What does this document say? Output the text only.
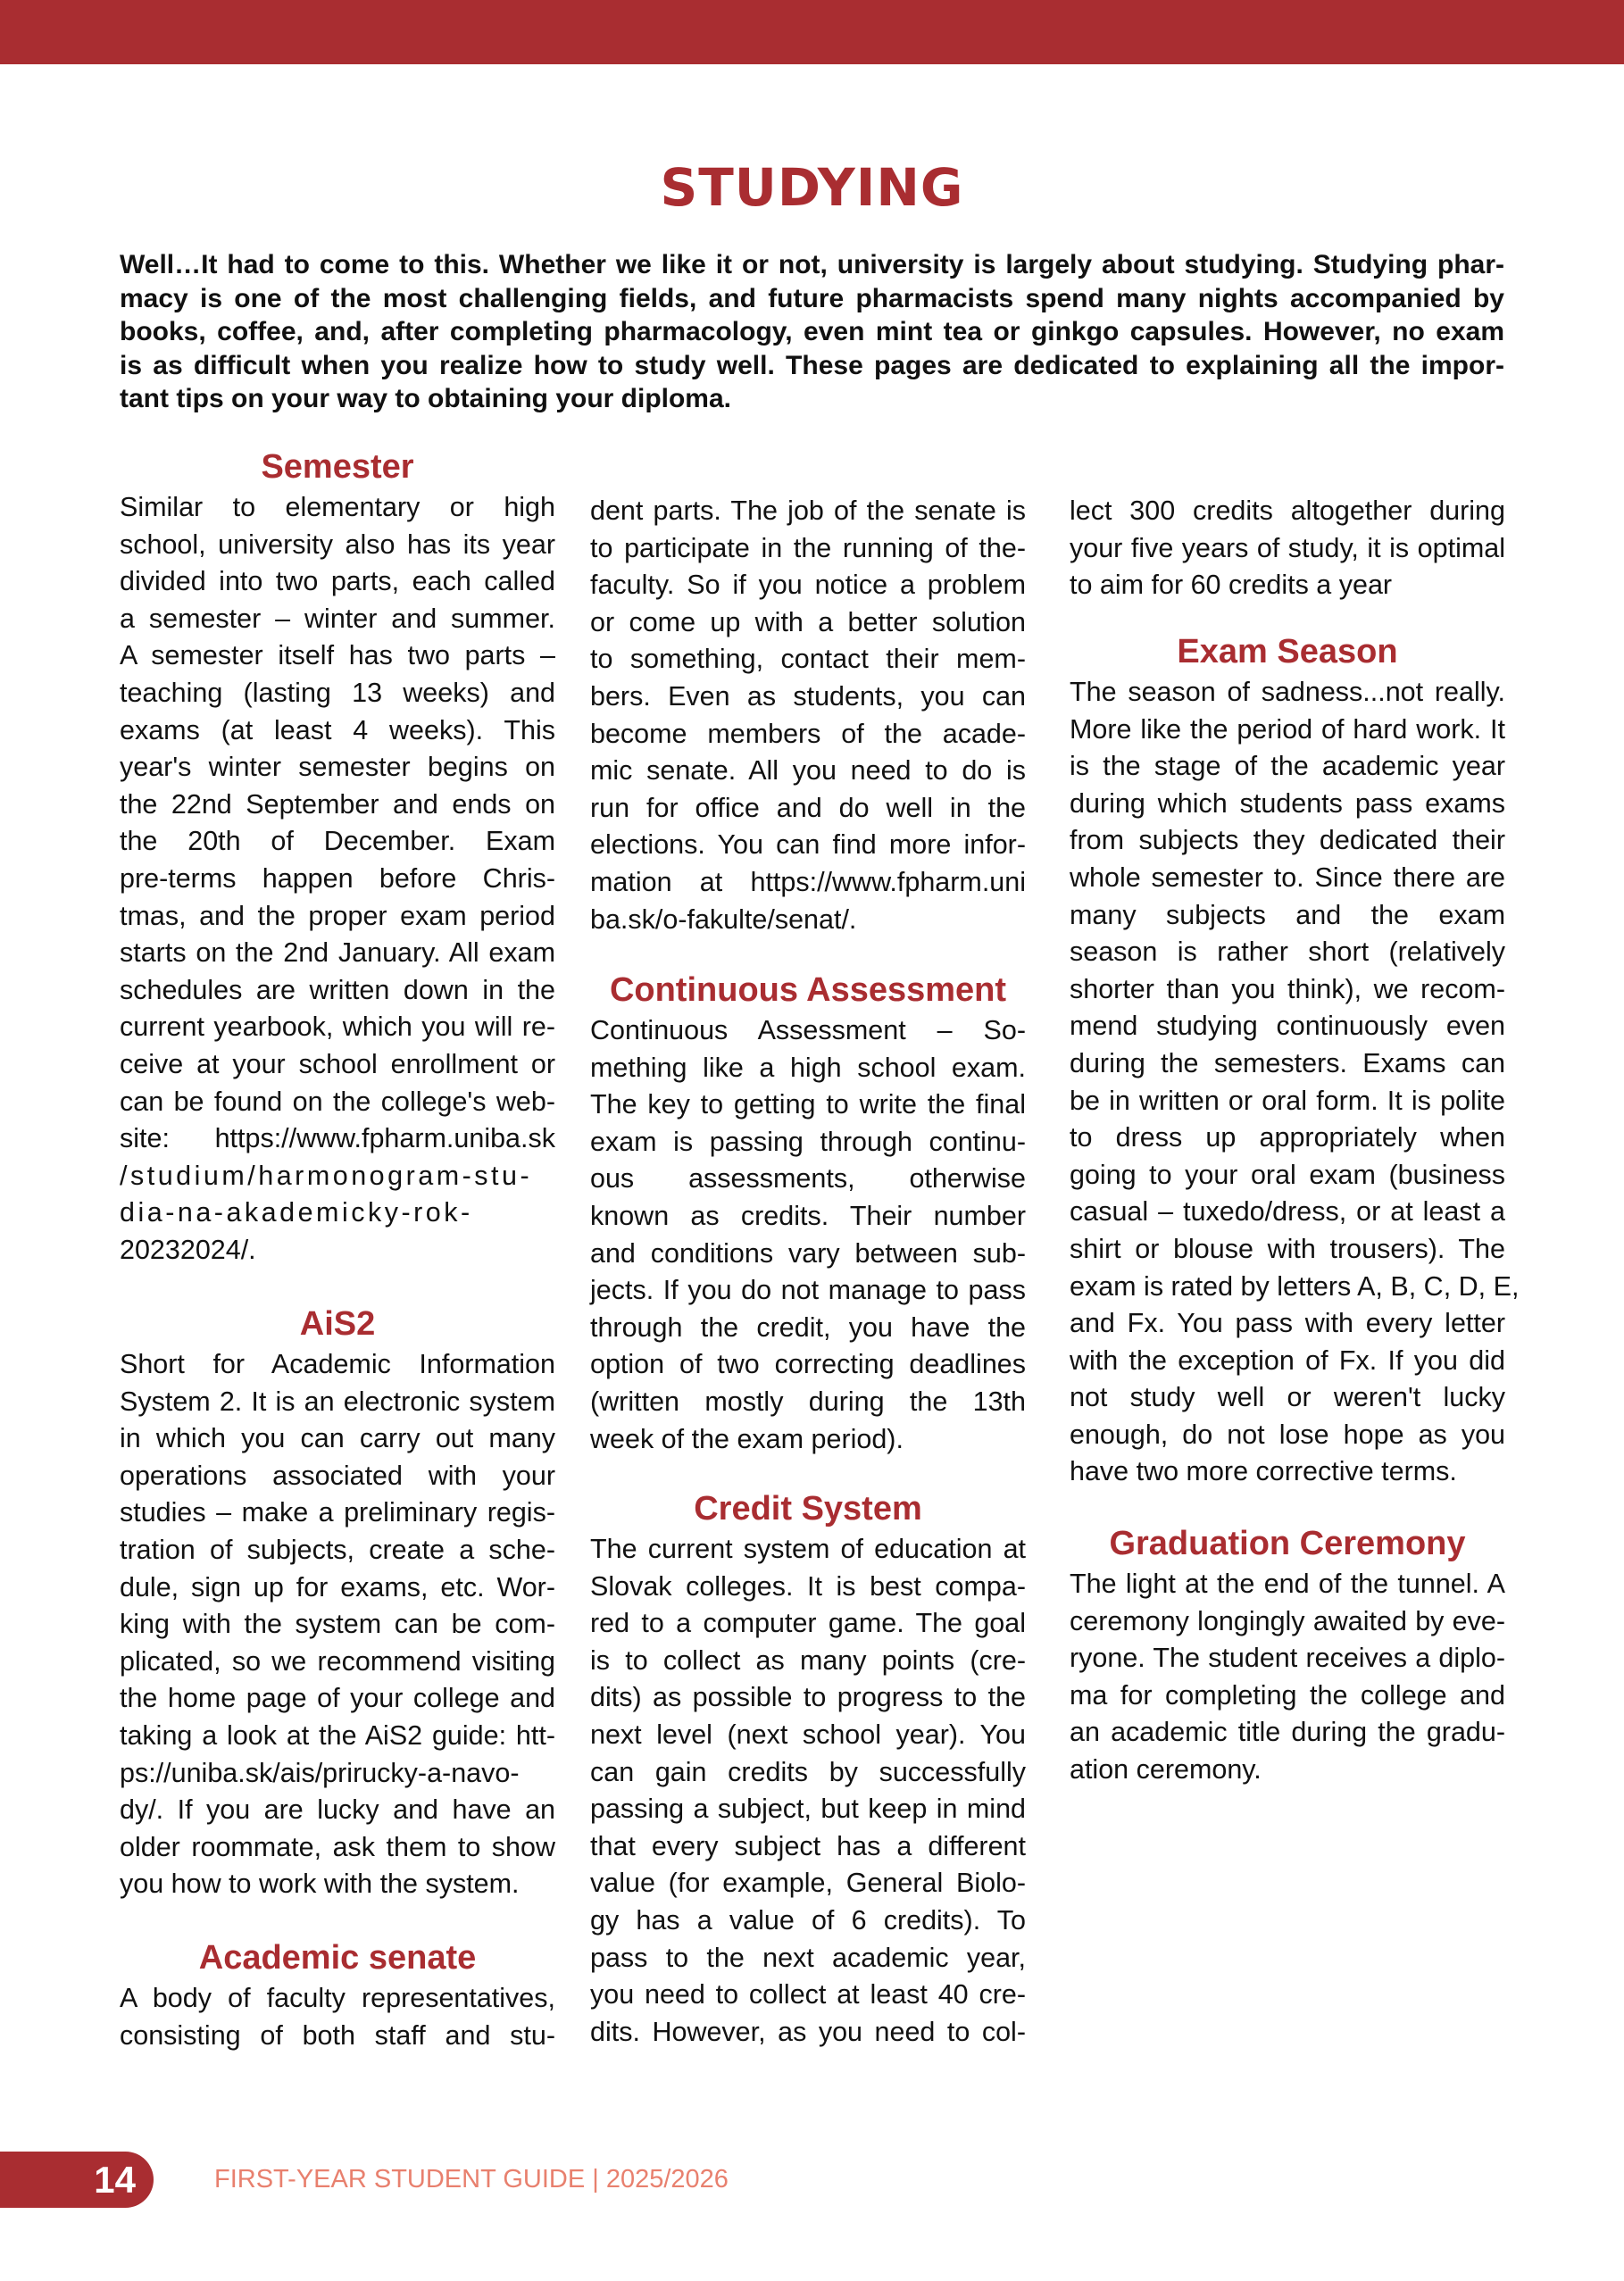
STUDYING
Well…It had to come to this. Whether we like it or not, university is largely about studying. Studying phar-
macy is one of the most challenging fields, and future pharmacists spend many nights accompanied by
books, coffee, and, after completing pharmacology, even mint tea or ginkgo capsules. However, no exam
is as difficult when you realize how to study well. These pages are dedicated to explaining all the impor-
tant tips on your way to obtaining your diploma.
Semester
Similar to elementary or high
school, university also has its year
divided into two parts, each called
a semester – winter and summer.
A semester itself has two parts –
teaching (lasting 13 weeks) and
exams (at least 4 weeks). This
year's winter semester begins on
the 22nd September and ends on
the 20th of December. Exam
pre-terms happen before Chris-
tmas, and the proper exam period
starts on the 2nd January. All exam
schedules are written down in the
current yearbook, which you will re-
ceive at your school enrollment or
can be found on the college's web-
site: https://www.fpharm.uniba.sk
/studium/harmonogram-stu-
dia-na-akademicky-rok-
20232024/.
AiS2
Short for Academic Information
System 2. It is an electronic system
in which you can carry out many
operations associated with your
studies – make a preliminary regis-
tration of subjects, create a sche-
dule, sign up for exams, etc. Wor-
king with the system can be com-
plicated, so we recommend visiting
the home page of your college and
taking a look at the AiS2 guide: htt-
ps://uniba.sk/ais/prirucky-a-navo-
dy/. If you are lucky and have an
older roommate, ask them to show
you how to work with the system.
Academic senate
A body of faculty representatives,
consisting of both staff and stu-
dent parts. The job of the senate is
to participate in the running of the-
faculty. So if you notice a problem
or come up with a better solution
to something, contact their mem-
bers. Even as students, you can
become members of the acade-
mic senate. All you need to do is
run for office and do well in the
elections. You can find more infor-
mation at https://www.fpharm.uni
ba.sk/o-fakulte/senat/.
Continuous Assessment
Continuous Assessment – So-
mething like a high school exam.
The key to getting to write the final
exam is passing through continu-
ous assessments, otherwise
known as credits. Their number
and conditions vary between sub-
jects. If you do not manage to pass
through the credit, you have the
option of two correcting deadlines
(written mostly during the 13th
week of the exam period).
Credit System
The current system of education at
Slovak colleges. It is best compa-
red to a computer game. The goal
is to collect as many points (cre-
dits) as possible to progress to the
next level (next school year). You
can gain credits by successfully
passing a subject, but keep in mind
that every subject has a different
value (for example, General Biolo-
gy has a value of 6 credits). To
pass to the next academic year,
you need to collect at least 40 cre-
dits. However, as you need to col-
lect 300 credits altogether during
your five years of study, it is optimal
to aim for 60 credits a year
Exam Season
The season of sadness...not really.
More like the period of hard work. It
is the stage of the academic year
during which students pass exams
from subjects they dedicated their
whole semester to. Since there are
many subjects and the exam
season is rather short (relatively
shorter than you think), we recom-
mend studying continuously even
during the semesters. Exams can
be in written or oral form. It is polite
to dress up appropriately when
going to your oral exam (business
casual – tuxedo/dress, or at least a
shirt or blouse with trousers). The
exam is rated by letters A, B, C, D, E,
and Fx. You pass with every letter
with the exception of Fx. If you did
not study well or weren't lucky
enough, do not lose hope as you
have two more corrective terms.
Graduation Ceremony
The light at the end of the tunnel. A
ceremony longingly awaited by eve-
ryone. The student receives a diplo-
ma for completing the college and
an academic title during the gradu-
ation ceremony.
14	FIRST-YEAR STUDENT GUIDE | 2025/2026
